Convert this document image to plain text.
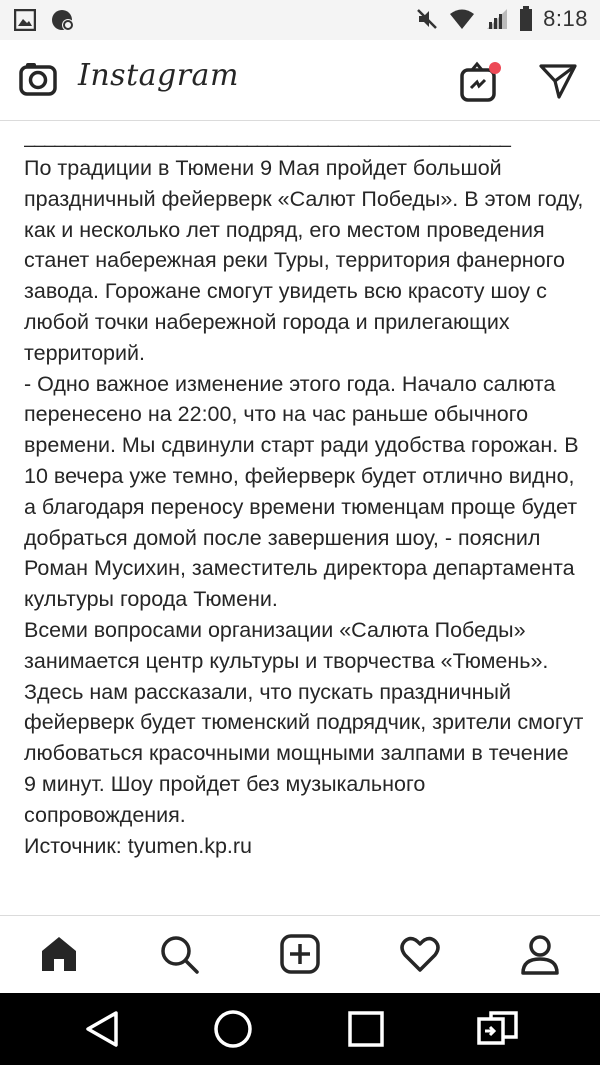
8:18
Instagram
________________________________________________

По традиции в Тюмени 9 Мая пройдет большой праздничный фейерверк «Салют Победы». В этом году, как и несколько лет подряд, его местом проведения станет набережная реки Туры, территория фанерного завода. Горожане смогут увидеть всю красоту шоу с любой точки набережной города и прилегающих территорий.

- Одно важное изменение этого года. Начало салюта перенесено на 22:00, что на час раньше обычного времени. Мы сдвинули старт ради удобства горожан. В 10 вечера уже темно, фейерверк будет отлично видно, а благодаря переносу времени тюменцам проще будет добраться домой после завершения шоу, - пояснил Роман Мусихин, заместитель директора департамента культуры города Тюмени.

Всеми вопросами организации «Салюта Победы» занимается центр культуры и творчества «Тюмень». Здесь нам рассказали, что пускать праздничный фейерверк будет тюменский подрядчик, зрители смогут любоваться красочными мощными залпами в течение 9 минут. Шоу пройдет без музыкального сопровождения.

Источник: tyumen.kp.ru
